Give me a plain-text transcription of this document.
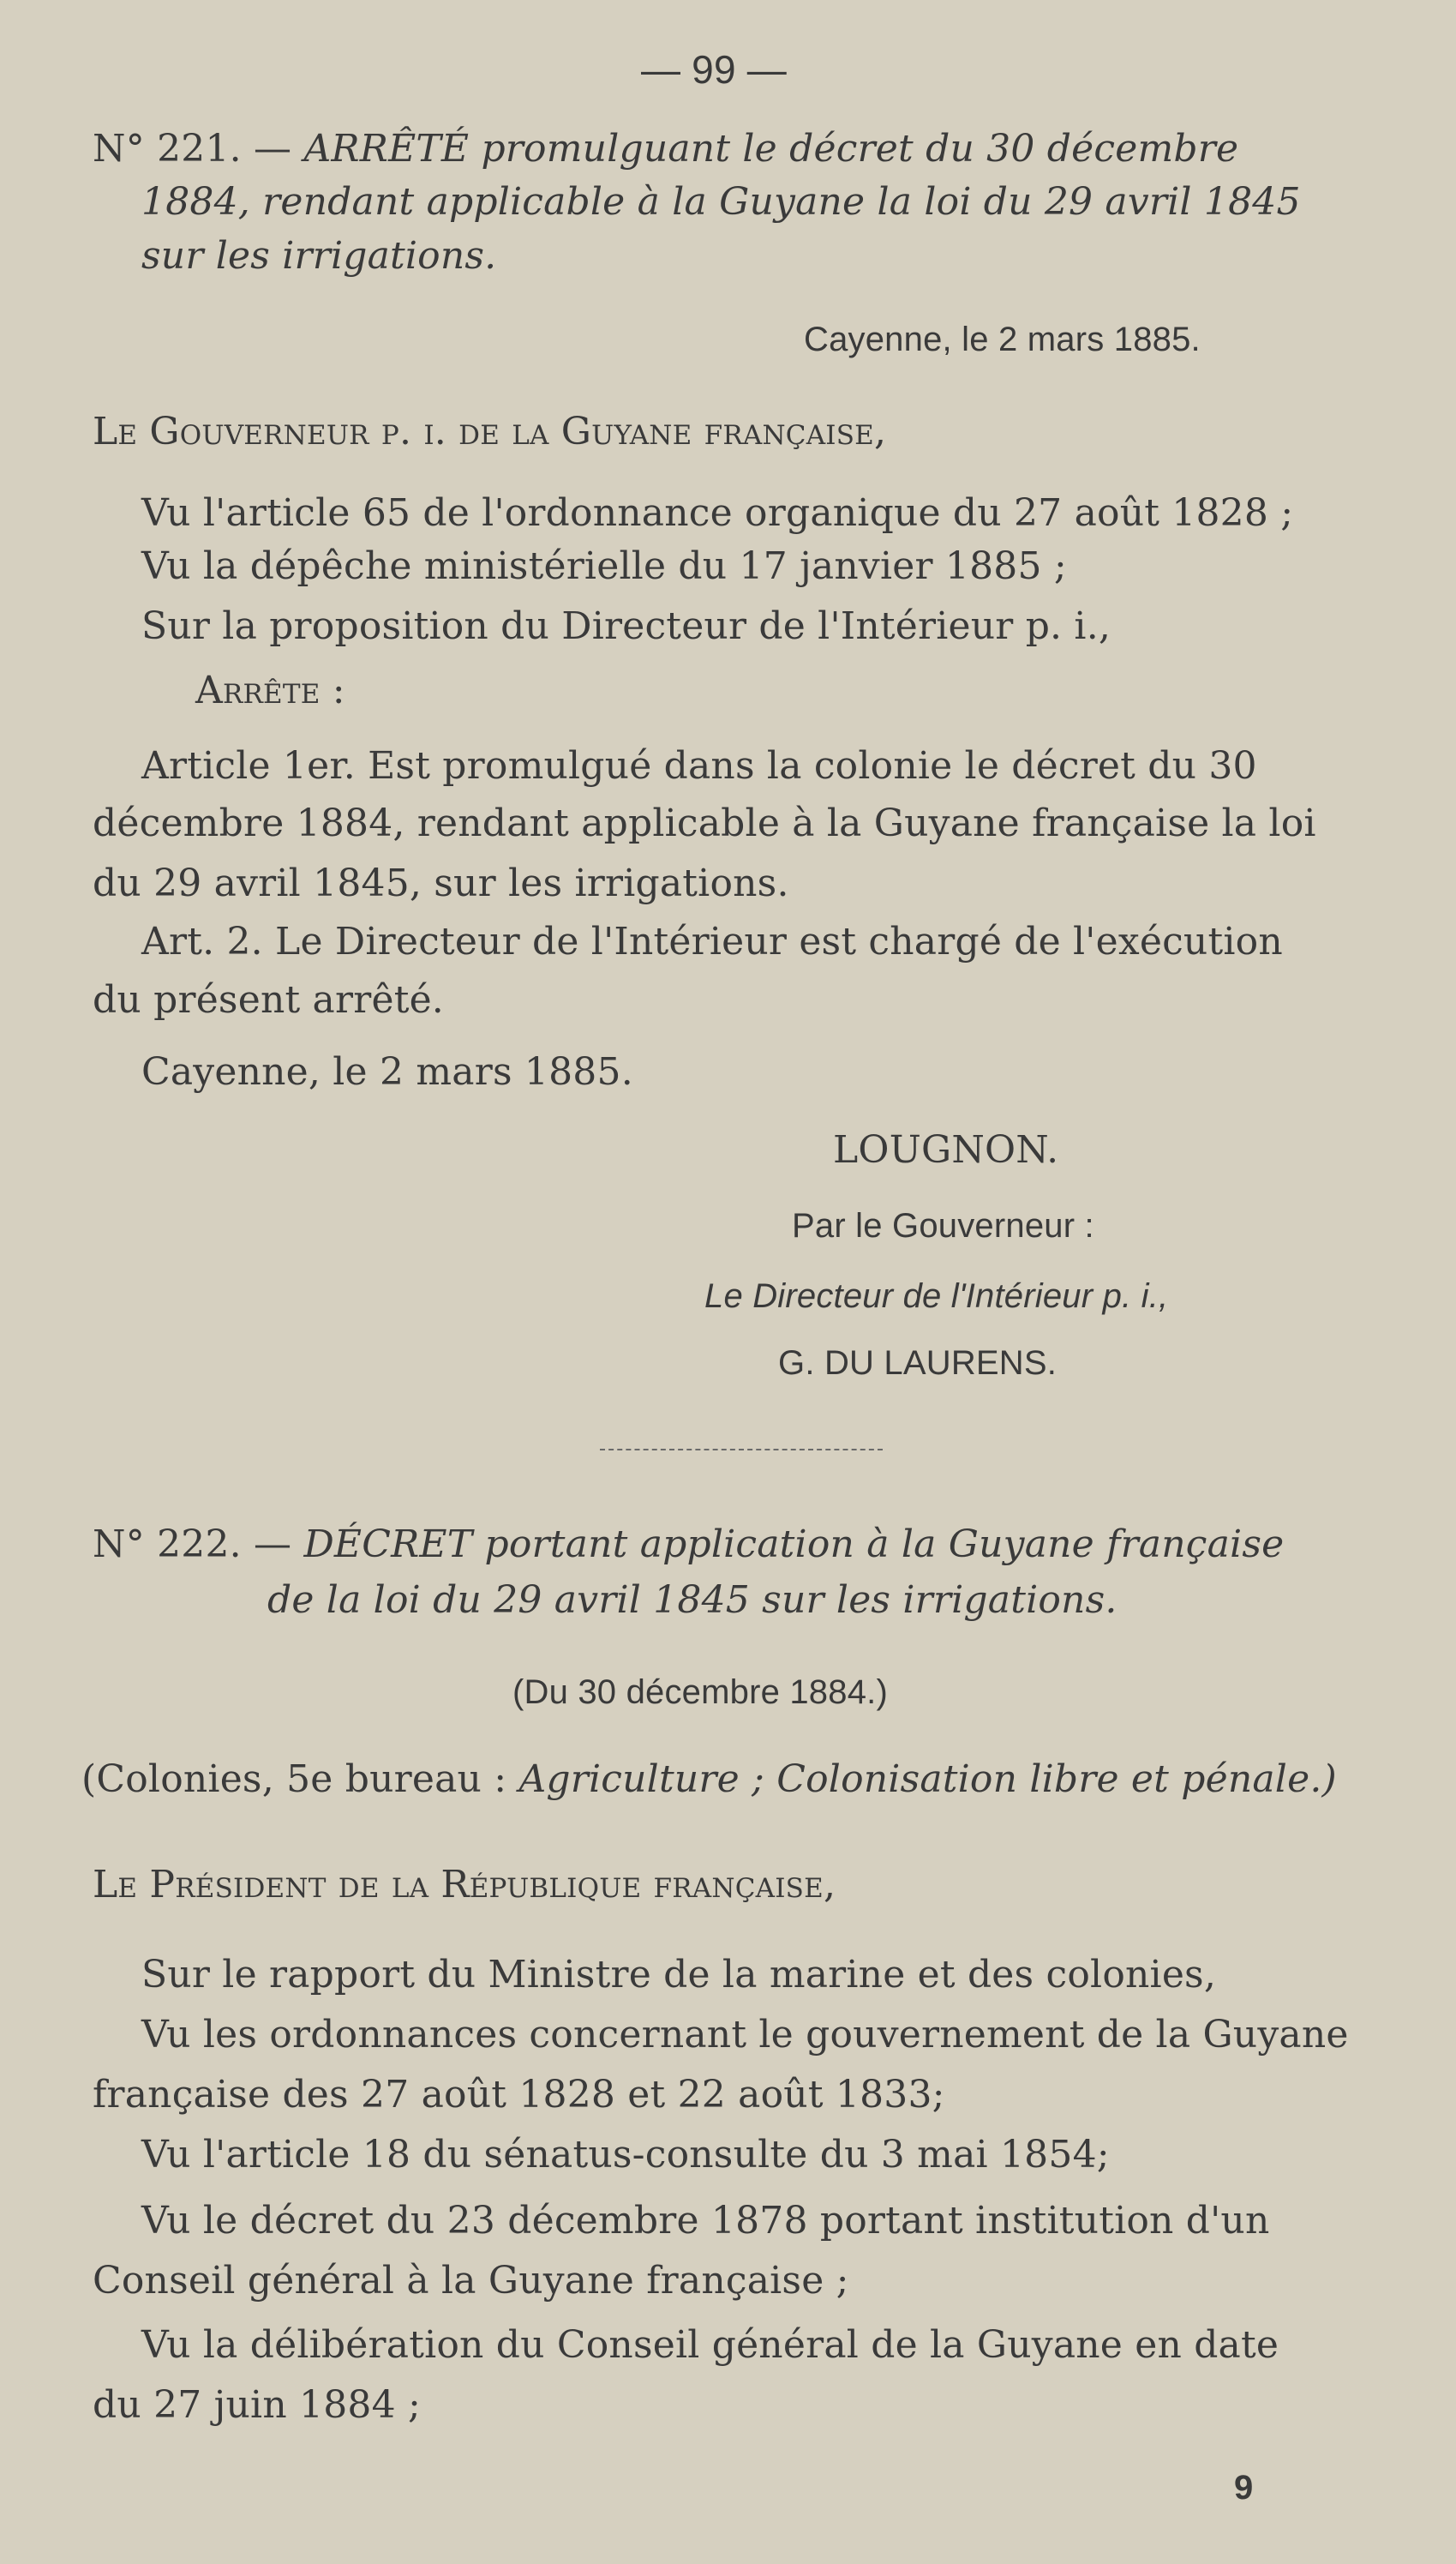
— 99 —
N° 221. — ARRÊTÉ promulguant le décret du 30 décembre
1884, rendant applicable à la Guyane la loi du 29 avril 1845
sur les irrigations.
Cayenne, le 2 mars 1885.
Le Gouverneur p. i. de la Guyane française,
Vu l'article 65 de l'ordonnance organique du 27 août 1828 ;
Vu la dépêche ministérielle du 17 janvier 1885 ;
Sur la proposition du Directeur de l'Intérieur p. i.,
Arrête :
Article 1er. Est promulgué dans la colonie le décret du 30
décembre 1884, rendant applicable à la Guyane française la loi
du 29 avril 1845, sur les irrigations.
Art. 2. Le Directeur de l'Intérieur est chargé de l'exécution
du présent arrêté.
Cayenne, le 2 mars 1885.
LOUGNON.
Par le Gouverneur :
Le Directeur de l'Intérieur p. i.,
G. DU LAURENS.
N° 222. — DÉCRET portant application à la Guyane française
de la loi du 29 avril 1845 sur les irrigations.
(Du 30 décembre 1884.)
(Colonies, 5e bureau : Agriculture ; Colonisation libre et pénale.)
Le Président de la République française,
Sur le rapport du Ministre de la marine et des colonies,
Vu les ordonnances concernant le gouvernement de la Guyane
française des 27 août 1828 et 22 août 1833;
Vu l'article 18 du sénatus-consulte du 3 mai 1854;
Vu le décret du 23 décembre 1878 portant institution d'un
Conseil général à la Guyane française ;
Vu la délibération du Conseil général de la Guyane en date
du 27 juin 1884 ;
9
